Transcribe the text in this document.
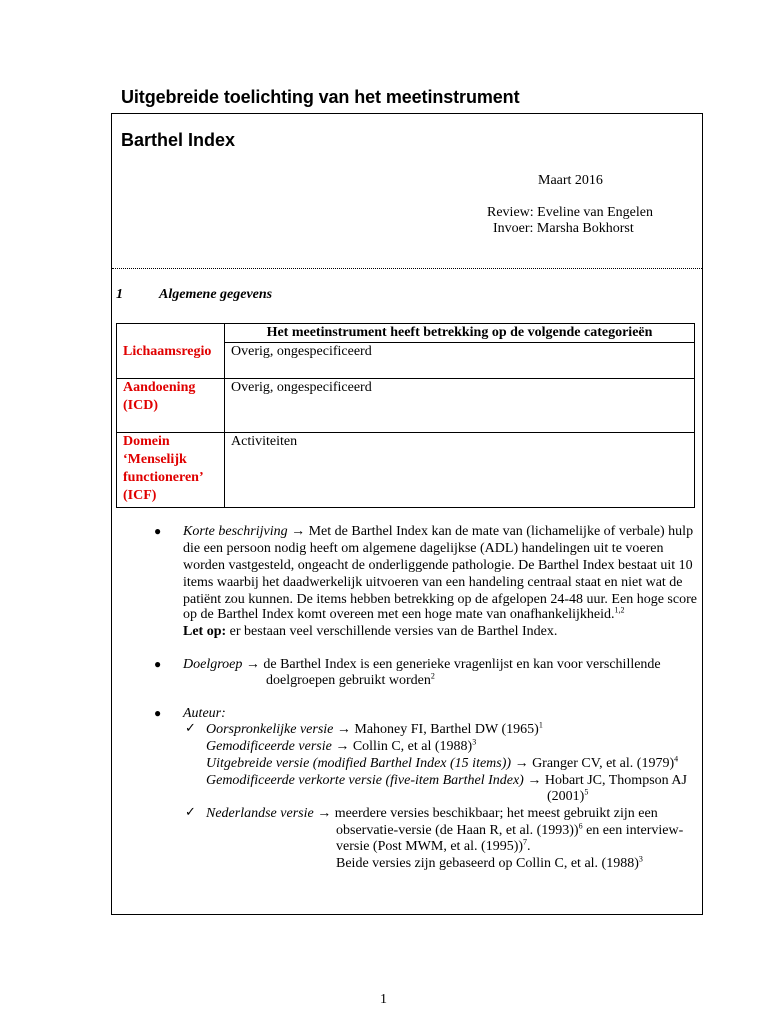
Uitgebreide toelichting van het meetinstrument
Barthel Index
Maart 2016
Review: Eveline van Engelen
Invoer: Marsha Bokhorst
1	Algemene gegevens
	Het meetinstrument heeft betrekking op de volgende categorieën

Lichaamsregio	Overig, ongespecificeerd

Aandoening
(ICD)	Overig, ongespecificeerd

Domein
‘Menselijk
functioneren’
(ICF)	Activiteiten
● Korte beschrijving → Met de Barthel Index kan de mate van (lichamelijke of verbale) hulp
die een persoon nodig heeft om algemene dagelijkse (ADL) handelingen uit te voeren
worden vastgesteld, ongeacht de onderliggende pathologie. De Barthel Index bestaat uit 10
items waarbij het daadwerkelijk uitvoeren van een handeling centraal staat en niet wat de
patiënt zou kunnen. De items hebben betrekking op de afgelopen 24-48 uur. Een hoge score
op de Barthel Index komt overeen met een hoge mate van onafhankelijkheid.$^{1,2}$
Let op: er bestaan veel verschillende versies van de Barthel Index.
● Doelgroep → de Barthel Index is een generieke vragenlijst en kan voor verschillende
doelgroepen gebruikt worden$^2$
● Auteur:
✓ Oorspronkelijke versie → Mahoney FI, Barthel DW $(1965)^1$
Gemodificeerde versie → Collin C, et al $(1988)^3$
Uitgebreide versie (modified Barthel Index (15 items)) → Granger CV, et al. $(1979)^4$
Gemodificeerde verkorte versie (five-item Barthel Index) → Hobart JC, Thompson AJ
$(2001)^5$
✓ Nederlandse versie → meerdere versies beschikbaar; het meest gebruikt zijn een
observatie-versie (de Haan R, et al. (1993))$^6$ en een interview-
versie (Post MWM, et al. (1995))$^7$.
Beide versies zijn gebaseerd op Collin C, et al. $(1988)^3$
1
